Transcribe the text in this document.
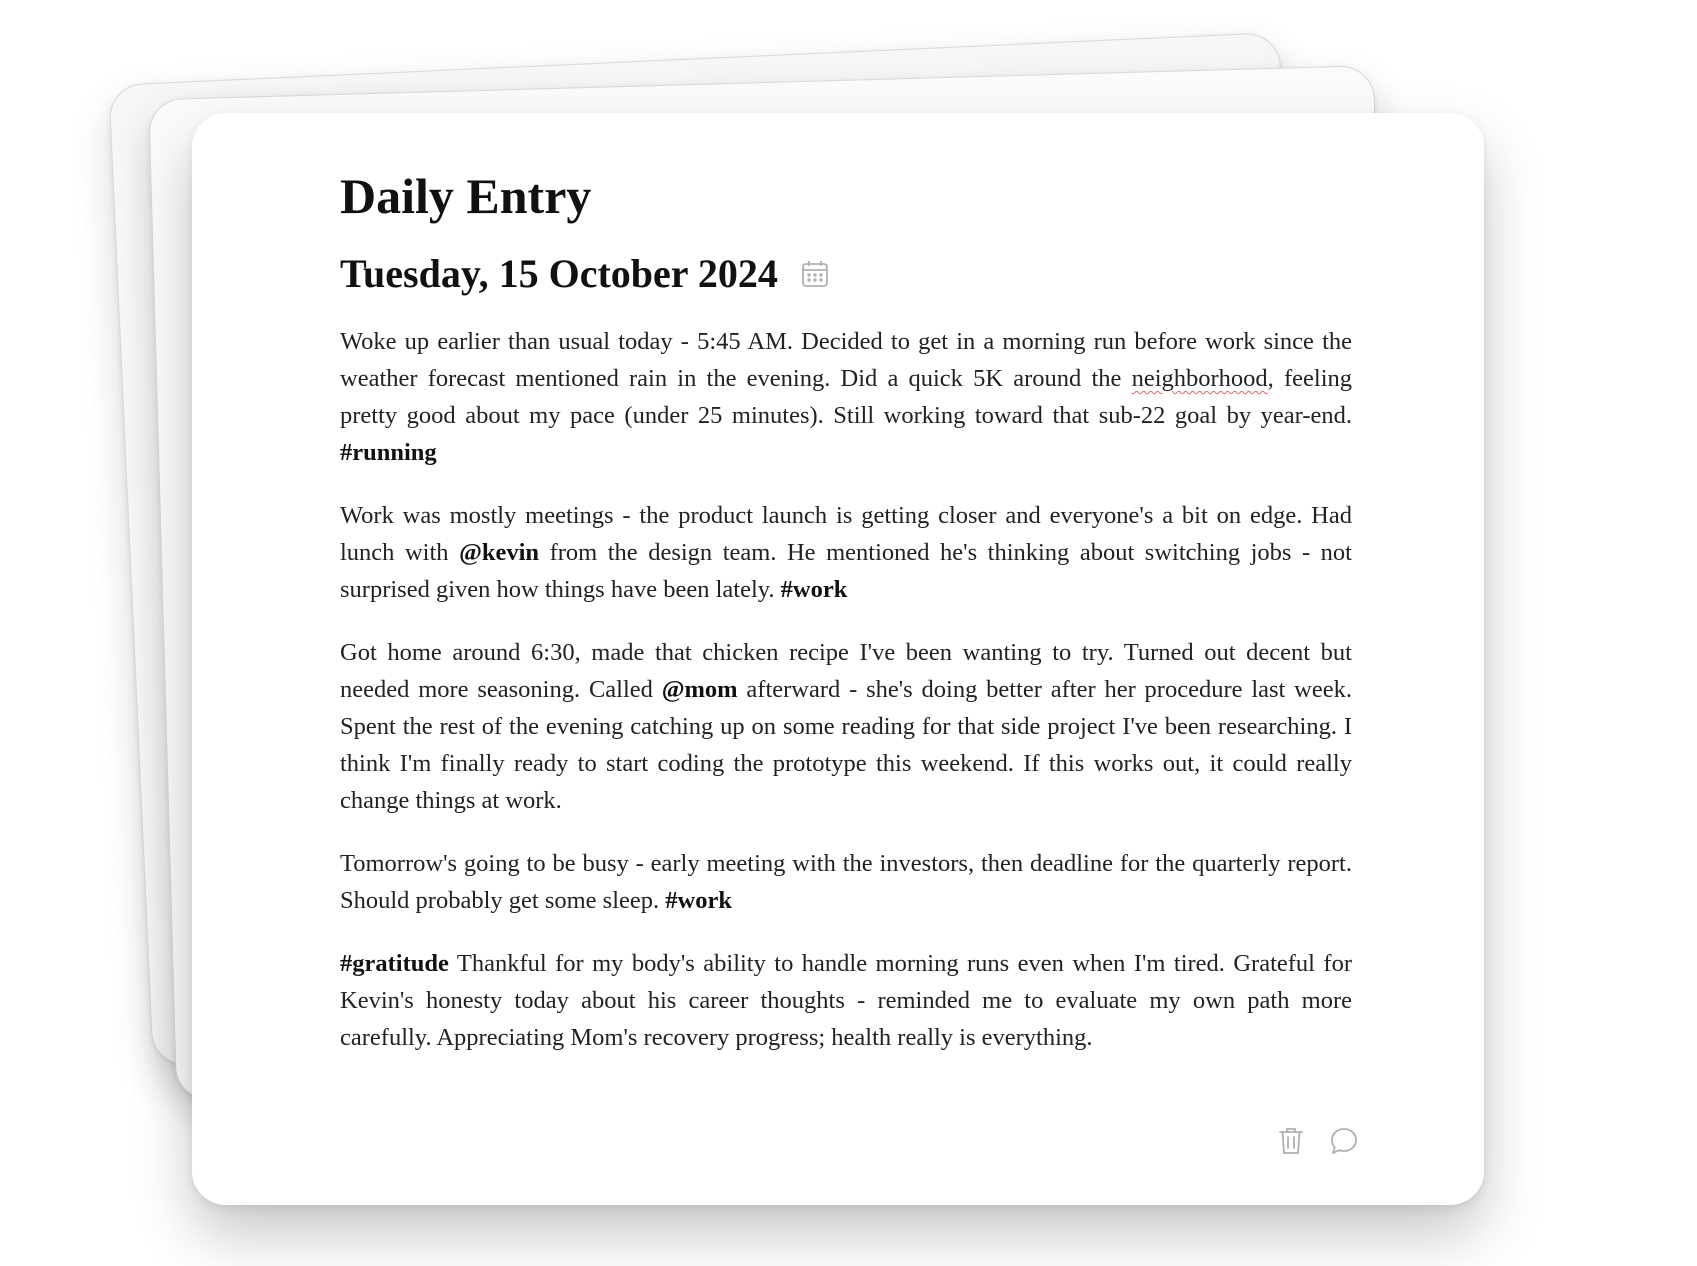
Daily Entry
Tuesday, 15 October 2024

Woke up earlier than usual today - 5:45 AM. Decided to get in a morning run before work since the weather forecast mentioned rain in the evening. Did a quick 5K around the neighborhood, feeling pretty good about my pace (under 25 minutes). Still working toward that sub-22 goal by year-end. #running

Work was mostly meetings - the product launch is getting closer and everyone's a bit on edge. Had lunch with @kevin from the design team. He mentioned he's thinking about switching jobs - not surprised given how things have been lately. #work

Got home around 6:30, made that chicken recipe I've been wanting to try. Turned out decent but needed more seasoning. Called @mom afterward - she's doing better after her procedure last week. Spent the rest of the evening catching up on some reading for that side project I've been researching. I think I'm finally ready to start coding the prototype this weekend. If this works out, it could really change things at work.

Tomorrow's going to be busy - early meeting with the investors, then deadline for the quarterly report. Should probably get some sleep. #work

#gratitude Thankful for my body's ability to handle morning runs even when I'm tired. Grateful for Kevin's honesty today about his career thoughts - reminded me to evaluate my own path more carefully. Appreciating Mom's recovery progress; health really is everything.
